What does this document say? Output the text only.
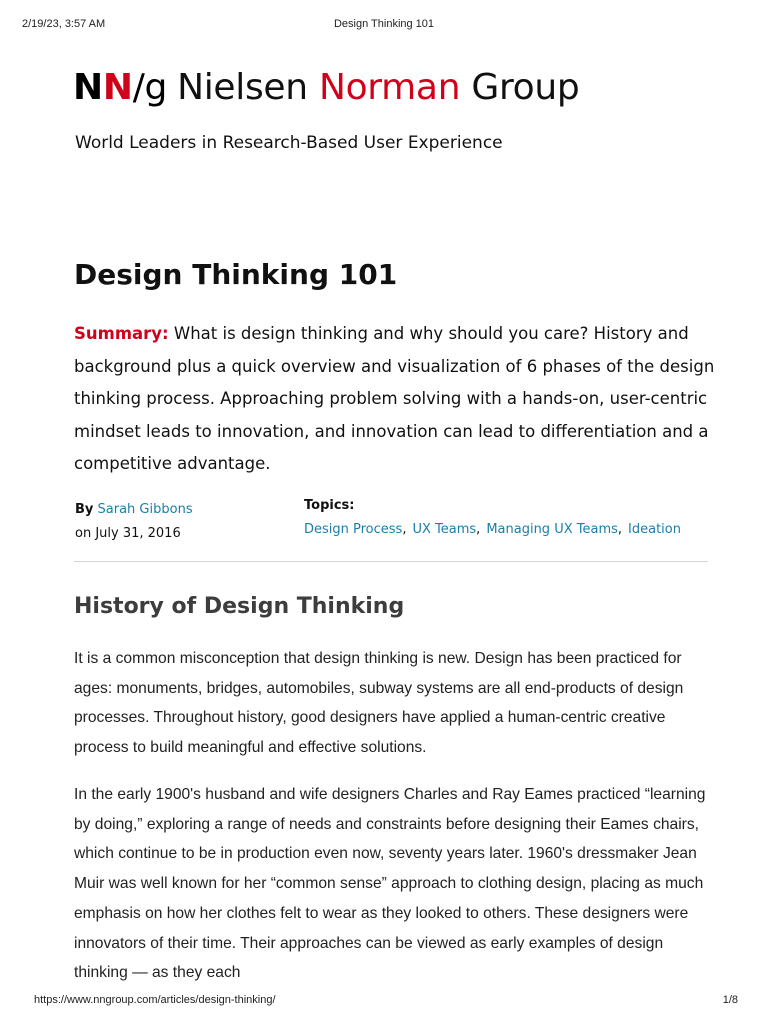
2/19/23, 3:57 AM	Design Thinking 101
NN/g Nielsen Norman Group
World Leaders in Research-Based User Experience
Design Thinking 101

Summary: What is design thinking and why should you care? History and background plus a quick overview and visualization of 6 phases of the design thinking process. Approaching problem solving with a hands-on, user-centric mindset leads to innovation, and innovation can lead to differentiation and a competitive advantage.

By Sarah Gibbons
on July 31, 2016
Topics:
Design Process, UX Teams, Managing UX Teams, Ideation
History of Design Thinking

It is a common misconception that design thinking is new. Design has been practiced for ages: monuments, bridges, automobiles, subway systems are all end-products of design processes. Throughout history, good designers have applied a human-centric creative process to build meaningful and effective solutions.

In the early 1900's husband and wife designers Charles and Ray Eames practiced “learning by doing,” exploring a range of needs and constraints before designing their Eames chairs, which continue to be in production even now, seventy years later. 1960's dressmaker Jean Muir was well known for her “common sense” approach to clothing design, placing as much emphasis on how her clothes felt to wear as they looked to others. These designers were innovators of their time. Their approaches can be viewed as early examples of design thinking — as they each

https://www.nngroup.com/articles/design-thinking/	1/8
